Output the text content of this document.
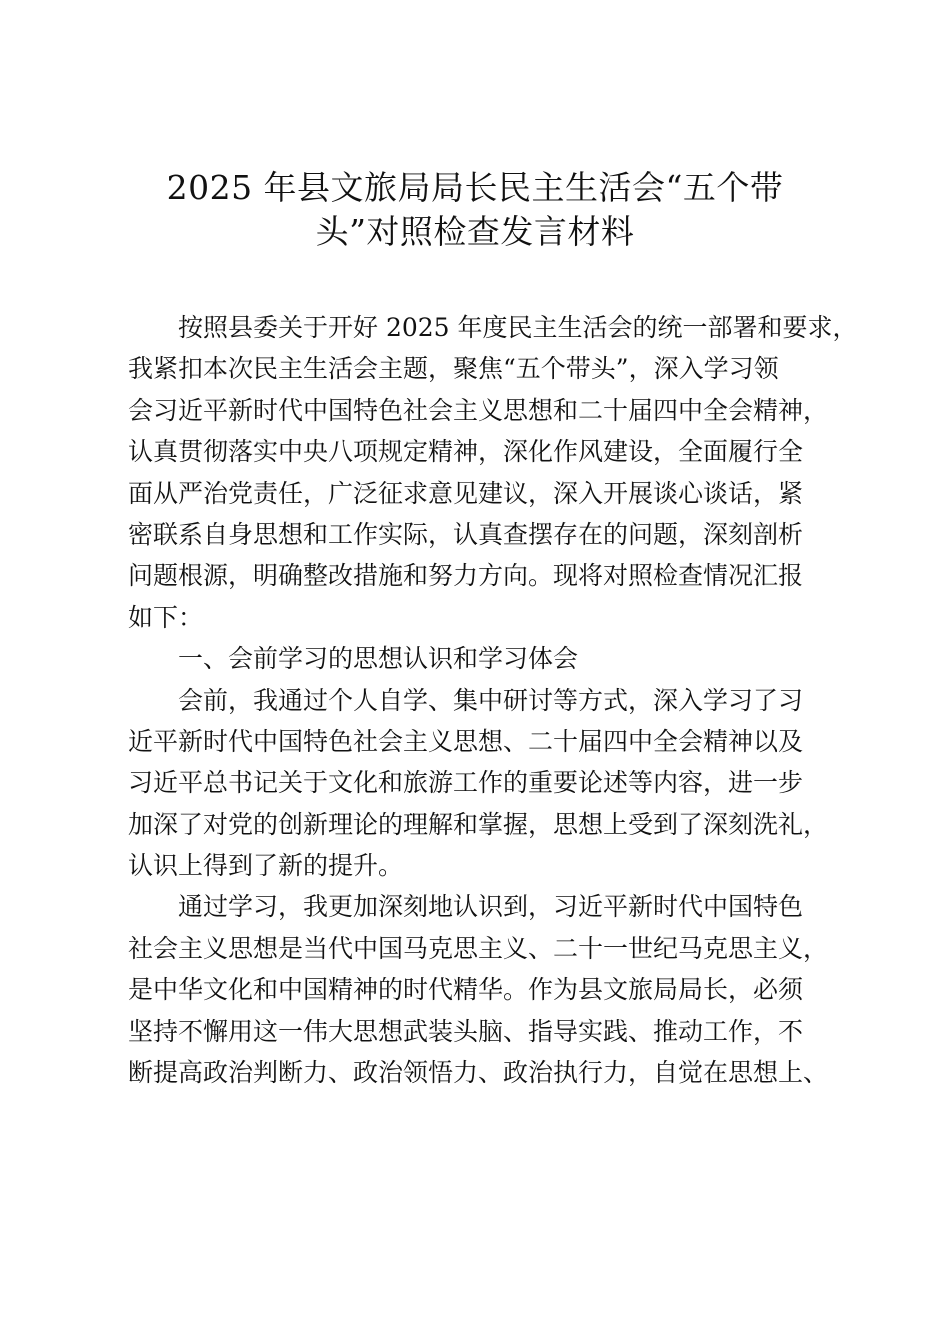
2025 年县文旅局局长民主生活会“五个带
头”对照检查发言材料
按照县委关于开好 2025 年度民主生活会的统一部署和要求，
我紧扣本次民主生活会主题，聚焦“五个带头”，深入学习领
会习近平新时代中国特色社会主义思想和二十届四中全会精神，
认真贯彻落实中央八项规定精神，深化作风建设，全面履行全
面从严治党责任，广泛征求意见建议，深入开展谈心谈话，紧
密联系自身思想和工作实际，认真查摆存在的问题，深刻剖析
问题根源，明确整改措施和努力方向。现将对照检查情况汇报
如下：
一、会前学习的思想认识和学习体会
会前，我通过个人自学、集中研讨等方式，深入学习了习
近平新时代中国特色社会主义思想、二十届四中全会精神以及
习近平总书记关于文化和旅游工作的重要论述等内容，进一步
加深了对党的创新理论的理解和掌握，思想上受到了深刻洗礼，
认识上得到了新的提升。
通过学习，我更加深刻地认识到，习近平新时代中国特色
社会主义思想是当代中国马克思主义、二十一世纪马克思主义，
是中华文化和中国精神的时代精华。作为县文旅局局长，必须
坚持不懈用这一伟大思想武装头脑、指导实践、推动工作，不
断提高政治判断力、政治领悟力、政治执行力，自觉在思想上、
